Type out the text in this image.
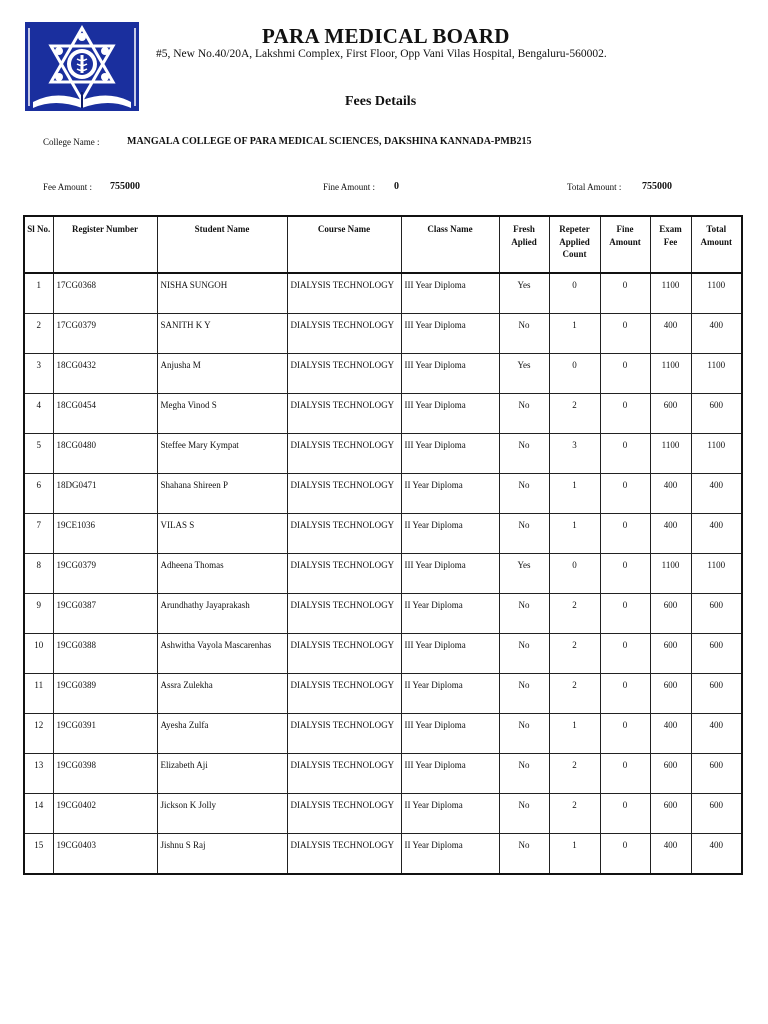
PARA MEDICAL BOARD
#5, New No.40/20A, Lakshmi Complex, First Floor, Opp Vani Vilas Hospital, Bengaluru-560002.
Fees Details
College Name :	MANGALA COLLEGE OF PARA MEDICAL SCIENCES, DAKSHINA KANNADA-PMB215
Fee Amount : 755000	Fine Amount : 0	Total Amount : 755000
Sl No.	Register Number	Student Name	Course Name	Class Name	Fresh Aplied	Repeter Applied Count	Fine Amount	Exam Fee	Total Amount
1	17CG0368	NISHA SUNGOH	DIALYSIS TECHNOLOGY	III Year Diploma	Yes	0	0	1100	1100
2	17CG0379	SANITH K Y	DIALYSIS TECHNOLOGY	III Year Diploma	No	1	0	400	400
3	18CG0432	Anjusha M	DIALYSIS TECHNOLOGY	III Year Diploma	Yes	0	0	1100	1100
4	18CG0454	Megha Vinod S	DIALYSIS TECHNOLOGY	III Year Diploma	No	2	0	600	600
5	18CG0480	Steffee Mary Kympat	DIALYSIS TECHNOLOGY	III Year Diploma	No	3	0	1100	1100
6	18DG0471	Shahana Shireen P	DIALYSIS TECHNOLOGY	II Year Diploma	No	1	0	400	400
7	19CE1036	VILAS S	DIALYSIS TECHNOLOGY	II Year Diploma	No	1	0	400	400
8	19CG0379	Adheena Thomas	DIALYSIS TECHNOLOGY	III Year Diploma	Yes	0	0	1100	1100
9	19CG0387	Arundhathy Jayaprakash	DIALYSIS TECHNOLOGY	II Year Diploma	No	2	0	600	600
10	19CG0388	Ashwitha Vayola Mascarenhas	DIALYSIS TECHNOLOGY	III Year Diploma	No	2	0	600	600
11	19CG0389	Assra Zulekha	DIALYSIS TECHNOLOGY	II Year Diploma	No	2	0	600	600
12	19CG0391	Ayesha Zulfa	DIALYSIS TECHNOLOGY	III Year Diploma	No	1	0	400	400
13	19CG0398	Elizabeth Aji	DIALYSIS TECHNOLOGY	III Year Diploma	No	2	0	600	600
14	19CG0402	Jickson K Jolly	DIALYSIS TECHNOLOGY	II Year Diploma	No	2	0	600	600
15	19CG0403	Jishnu S Raj	DIALYSIS TECHNOLOGY	II Year Diploma	No	1	0	400	400
